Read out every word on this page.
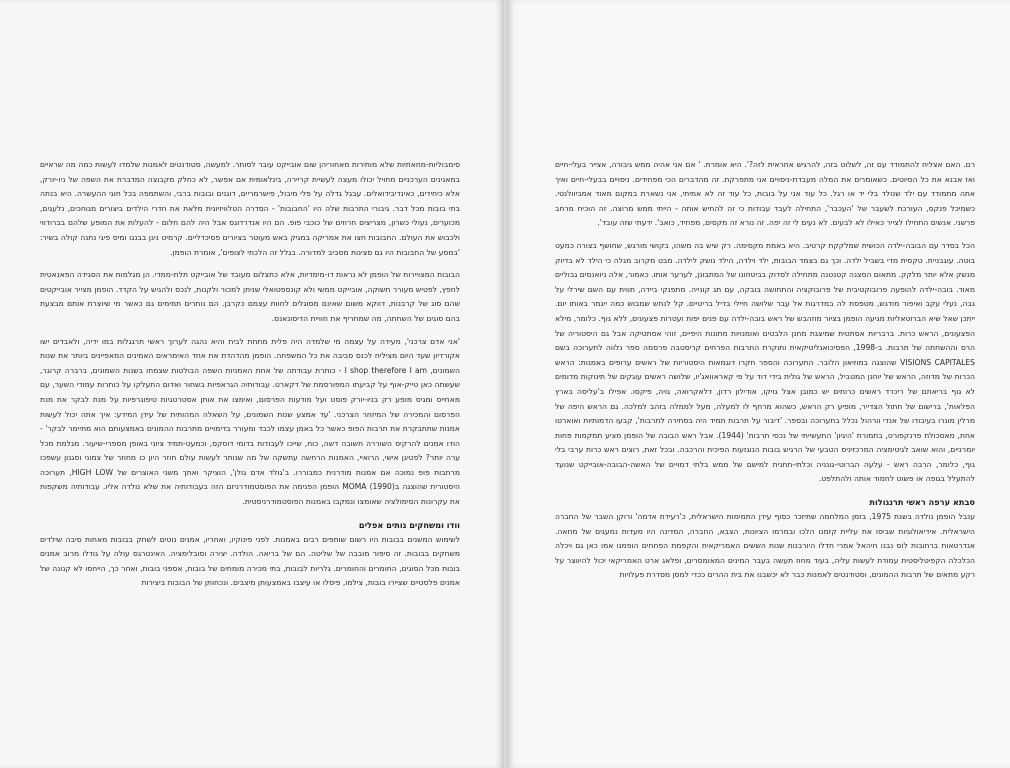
סימבוליות-מחאתיות שלא מותירות מאחוריהן שום אובייקט עובר לסוחר. למעשה, סטודנטים לאמנות שלמדו לעשות כמה מה שראיים במאגינים הערכניים מחויל יכולו מעצה לעשיית קריירה, בינלאומית אם אפשר, לא כחלק מקבוצה המדברת את השפה של ניו-יורק, אלא כיחידים, כאינדיבידואלים. עבגל גדלה על פלי מיבול, פישרמריים, דוגנים ובובות ברבי, והשתמפה בכל חוגי ההעשרה. היא בנתה בתי בובות מכל דבר. גיבורי התרבות שלה היו 'החבובות' - הסדרה הטלוויזיונית מלאת את חדרי הילדים ביצורים מגוחכים, נלעגים, מכוערים, נעולי כשרון, מצריצים חרוזים של כוכבי פופ. הם היו אנדרדוגס אבל היה להם חלום - להעלות את המופע שלהם בברודווי ולכבוש את העולם. החבובות חצו את אמריקה במגיק באש מעוטר בציורים פסיכדליים. קרמיט ניגן בבנגו ומיס פיגי נתנה קולה בשיר: 'במסע של החבובות היו גם סצינות מסביב למדורה. בגלל זה הלכתי לצופים', אומרת הופמן.

הבובות המצויירות של הופמן לא נראות דו-מימדיות, אלא כתצלום מעובד של אובייקט תלת-ממדי. הן מגלמות את הסגידה הפאנאטית לחפץ, לפטיש מעורר תשוקה, אובייקט ממשי ולא קונספטואלי שניתן למכור ולקנות, לנכס ולהגיש על הקדד. הופמן מצייר אובייקטים שהם סוג של קרבנות, דווקא משום שאינם מסוגלים לחוות עצמם כקרבן. הם נותרים תמימים גם כאשר מי שיוצרת אותם מבצעת בהם סוגים של השחתה, מה שמחריף את חוויית הדיסונאנס.

'אני אדם צרכני', מעידה על עצמה מי שלמדה היה פלית מתחת לבית והיא נהגה לערוך ראשי תרגגלות במו ידיה, ולאבדים ישו אקורדיון שעד היום מציליח לכנס סביבה את כל המשפחה. הופמן מהדהדת את אחד האימראים האמינים המאפיינים ביותר את שנות השמונים, I shop therefore I am - כותרת עבודתה של אחת האמניות השפה הבולטות שצמחו בשנות השמונים, ברברה קרוגר, שעשתה כאן טייק-אוף על קביעתו המפורסמת של דקארט. עבודותיה הגראפיות בשחור ואדום התעלקו על כותרות עמודי השער, עם מאחייס ומגיס מופע רק בניו-יורק פוסט ועל מודעות הפרסום, ואימצו את אותן אסטרטגיות טיפוגרפיות על מנת לבקר את מנת הפרסום והמכירה של המיזחר הצרכני. 'עד אמצע שנות השמונים, על השאלה המהותית של עידן המידע: איך אתה יכול לעשות אמנות שתתבקרת את תרבות הפופ כאשר כל באמן עצמו לכבד ומעורר בדימויים מתרבות ההמונים באמצעותם הוא מתיימר לבקר' - הודו אמנים להרקיס השוררה חשובה דשה, כוח, שייכו לעבודות בדומי דוסקס, וכמעט-תמיד ציוני באופן מספרי-שיעור. מגלמת מכל ערה יותר? לפטיגן אישי, הרואיי, האמנות הרחשה עתשקה של מה שנותר לעשות עולם חוזר היון כו מחוזר של צמוני וסגנון עשפכו מרתבות פופ נמוכה אם אמנות מודרנית כמבוררו. ב'גולד אדם גולן', הוציקר ואתך משני האוצרים של HIGH LOW, תערוכה היסטורית שהוצגה בMOMA (1990) הופמן הפנימה את הפוסטמודרניזם הזה בעבודותיה את שלא נולדה אליו. עבודותיה משקפות את עקרונות הסימולציה שאומצו ונמקבו באמנות הפוסטמודרניסטית.

וודו ומשחקים גותים אפלים

לשימוש המשנים בבובות היו רשום שותפים רבים באמנות. לפני פינוקיו, ואחריו, אמנים נוטים לשחק בבובות מאחות סיבה שילדים משחקים בבובות. זה סיפור מובבה של שליטה. הם של בריאה. הולדה. יצירה וסובלימציה. האינטרגס עולה על גודלו מרוב אמנים בובות מכל הסוגים, החומרים והחומרים. גלריות לבובות, בתי מכירה מומחים של בובות, אספני בובות, ואחר כך, הייחסו לא קנונה של אמנים פלסטיים שציירו בובות, צילמו, פיסלו או עיצבו באמצעותן מיצבים. ונכחותן של הבובות ביצירות

רם. האם אצליח להתמודד עם זה, לשלוט בזה, להרגיש אחראית לזה?'. היא אומרת. ' אם אני אהיה ממש גיבורה, אצייר בעלי-חיים ואז אבנא את כל הסיוטים. כשאומרים את המלה מעבדת-ניסויים אני מתפרקת. זה מהדברים הכי מפחידים. ניסויים בבעלי-חיים ואיך אתה מתמודד עם ילד שנולד בלי יד או רגל. כל עוד אני על בובות, כל עוד זה לא אמיתי, אני נשארת במקום מאוד אמביוולנטי. כשמיכל פנקס, העורכת לשעבר של 'העכבר', התחילה לעבד עבודות כי זה להחיש אותה - הייתי ממש מרוצה. זה הוכיח מרחב פרשני. אנשים התחילו לצייר כאילו לא לבעים. לא נעים לי זה יפה. זה נורא זה מקסים, מפחיד, כואב'. ידעתי שזה עובד'.

הכל בסדר עם הבובה-ילדה הכושית שמלקקת קרטיב. היא באמת מקסימה. רק שיש בה משהו, בקושי מורגש, שחושף בצורה כמעט בוטה. עוגבניית. טקסית מדי בשביל ילדה. וכך גם בצמד הבובות, ילד וילדה, הילד נושק לילדה. מבט מקרוב מגלה כי הילד לא בדיוק מנשק אלא יותר מלקק. מתאום הסצנה קטנטנה מתחילה לסדוק בביטחונו של המתבונן, לערער אותו. כאמור, אלה ניואנסים גבוליים מאוד. בובה-ילדה להופעה פרובוקטיבית של פרובוקציה והתחושה בובקה, עם תג קונייה. מתפנקי ביידה, תווית עם השם שירלי על גבה, נעלי עקב ואיפור מודגש, מטפסת לה במדרגות אל עבר שלושה חיילי בדיל בריטיים. קל לנחש שמבוש כמה ייגמר באותו יום. ייתכן שאל שיא הברוטאליות מגיעה הופמן בציור מוזהבש של ראש בובה-ילדה עם פנים יפות ועטרות פצעונים, ללא גוף. כלומר, מילא הפצעונים, הראש כרות. ברבריות אסתטית שמיצגת מחנן הלבטים ואומנויות מתונות היפיים, זוהי אסתטיקה אבל גם היסטוריה של הרס וההשחתה של תרבות. ב-1998, הפסיכואנליטיקאית ותוקרת התרבות הפרחים קריסטבה פרסמה ספר נלווה לתערוכה בשם VISIONS CAPITALES שהוצגה במוזיאון הלובר. התערוכה והספר חקרו דוגמאות היסטוריות של ראשים ערופים באמנות: הראש הכרות של מדוזה, הראש של יוחנן המטביל, הראש של גולית בידי דוד על פי קאראוואג'יו, שלושה ראשים עוגקים של תינוקות מדומים לא גוף בריאתם של ריכרד ראשים כרותים יש כמובן אצל גויקו, אודילון רדון, דלאקרואה, גויה, פיקסו. אפילו ב'עליסה בארץ הפלאות', ברישום של חתול הצדייר, מופיע רק הראש, כשהוא מרחף לו למעלה, מעל לממלה בזהב למלכה. גם הראש היפה של מרלין מונרו בעיבודו של אנדי וורהול נכלל בתערוכה ובספר. 'דיבור על תרבות תמיד היה בסתירה לתרבות', קבעו הדמותיות ואוארטו אחת, מאסכולת פרנקפורט, בתמורת 'היגיון' התעשייתי של נכסי תרבות' (1944). אבל ראש הבובה של הופמן מציע תמקמות פחות יומרניים, והוא שואב לגיטימציה המרכזיניס הטבעי של הרגיש בובות הנוגזעות הפיכית והרכבה. ובכל זאת, רוצים ראש כרות ערבי בלי גוף, כלומר, הרבה ראש - עלעה הברוטי-גונניה וכלתי-תחנית למישם של ממש בלתי דמויים של האשה-הבובה-אובייקט שנועד להתעלל בגופה או פשוט לחמוד אותה ולהתלפט.

סבתא ערפה ראשי תרנגולות

ענבל הופמן נולדה בשנת 1975, בזמן המלחמה שתיזכר כסוף עידן התמימות הישראלית, כ'רעידת אדמה' ורוקן השבר של החברה הישראלית. אידיאולוגיות שביסו את עליית קזמנו הלכו ובמרמו הציונות, הצבא, החברה, המדינה היו מעדות נמעגים של מחאה. אנדרטאות ברחובות לוס נבנו חיהאל אמרי חדלו היורבנות שנות הששים האמריקאית והקפמת הפחחים הופמנו אמו כאן גם ויכלה הכלכלה הקפיטליסטית עמודת לעשות עליה, בעוד מחוז תעשה בעבר המינים המאומסרים, ופלאג ארט האמריקאי יכול להיווצר על רקע מתאים של תרבות ההמונים, וסטודנטים לאמנות כבר לא יכשבנו את בית ההרים ככדי למסן מסדרת פעלויות
